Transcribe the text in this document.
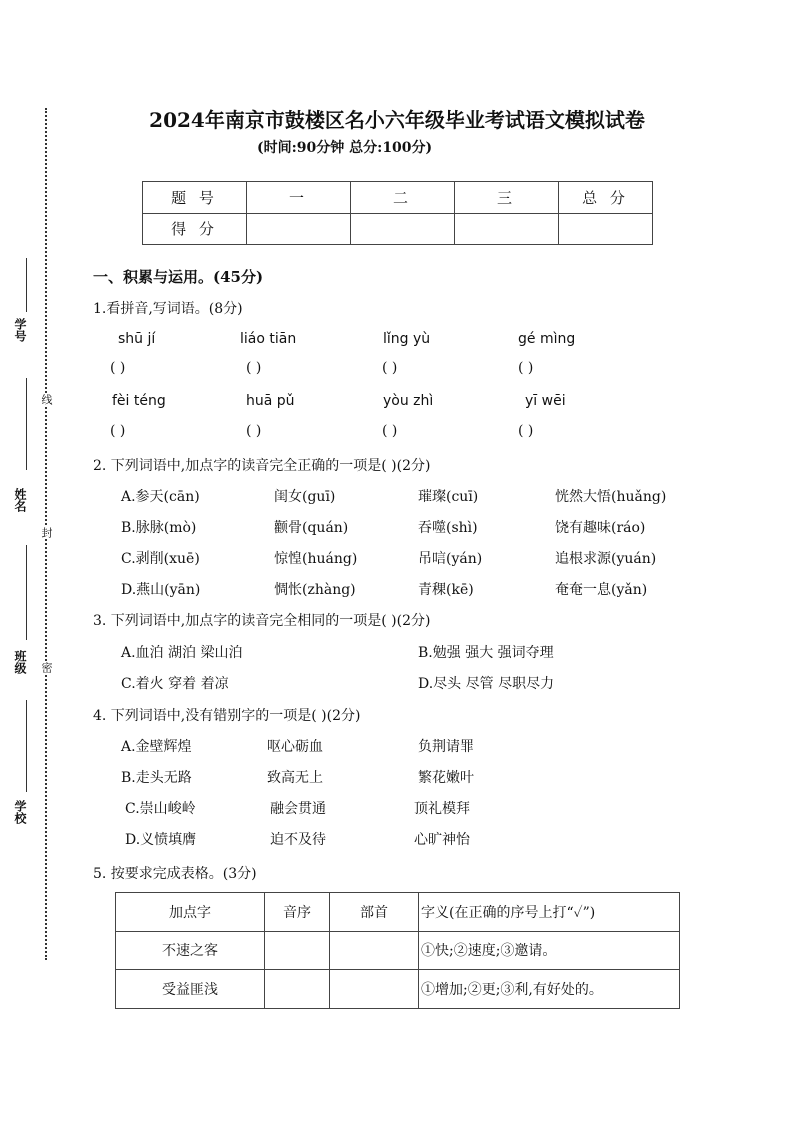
学号
姓名
班级
学校
线
封
密
2024年南京市鼓楼区名小六年级毕业考试语文模拟试卷
(时间:90分钟 总分:100分)
题 号	一	二	三	总 分
得 分				
一、积累与运用。(45分)
1.看拼音,写词语。(8分)
shū jí	liáo tiān	lǐng yù	gé mìng
( )	( )	( )	( )
fèi téng	huā pǔ	yòu zhì	yī wēi
( )	( )	( )	( )
2. 下列词语中,加点字的读音完全正确的一项是( )(2分)
A.参天(cān)	闺女(guī)	璀璨(cuī)	恍然大悟(huǎng)
B.脉脉(mò)	颧骨(quán)	吞噬(shì)	饶有趣味(ráo)
C.剥削(xuē)	惊惶(huáng)	吊唁(yán)	追根求源(yuán)
D.燕山(yān)	惆怅(zhàng)	青稞(kē)	奄奄一息(yǎn)
3. 下列词语中,加点字的读音完全相同的一项是( )(2分)
A.血泊 湖泊 梁山泊	B.勉强 强大 强词夺理
C.着火 穿着 着凉	D.尽头 尽管 尽职尽力
4. 下列词语中,没有错别字的一项是( )(2分)
A.金壁辉煌	呕心砺血	负荆请罪
B.走头无路	致高无上	繁花嫩叶
C.崇山峻岭	融会贯通	顶礼模拜
D.义愤填膺	迫不及待	心旷神怡
5. 按要求完成表格。(3分)
加点字	音序	部首	字义(在正确的序号上打“✓”)
不速之客			①快;②速度;③邀请。
受益匪浅			①增加;②更;③利,有好处的。
